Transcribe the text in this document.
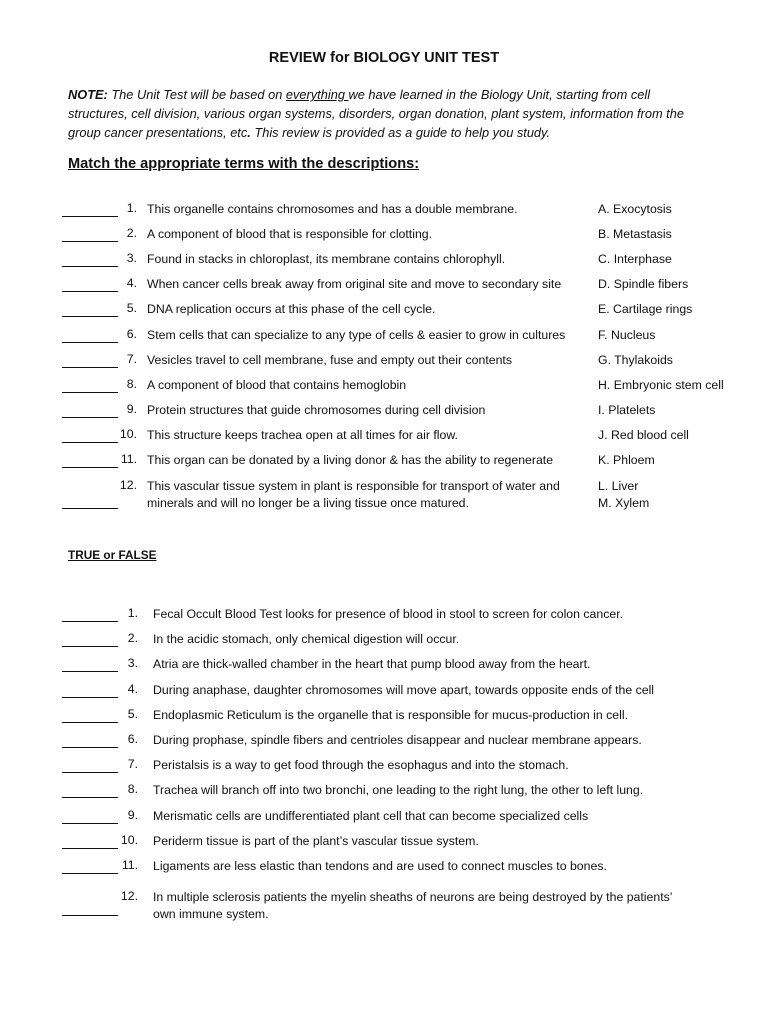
REVIEW for BIOLOGY UNIT TEST
NOTE: The Unit Test will be based on everything we have learned in the Biology Unit, starting from cell structures, cell division, various organ systems, disorders, organ donation, plant system, information from the group cancer presentations, etc. This review is provided as a guide to help you study.
Match the appropriate terms with the descriptions:
1. This organelle contains chromosomes and has a double membrane.
2. A component of blood that is responsible for clotting.
3. Found in stacks in chloroplast, its membrane contains chlorophyll.
4. When cancer cells break away from original site and move to secondary site
5. DNA replication occurs at this phase of the cell cycle.
6. Stem cells that can specialize to any type of cells & easier to grow in cultures
7. Vesicles travel to cell membrane, fuse and empty out their contents
8. A component of blood that contains hemoglobin
9. Protein structures that guide chromosomes during cell division
10. This structure keeps trachea open at all times for air flow.
11. This organ can be donated by a living donor & has the ability to regenerate
12. This vascular tissue system in plant is responsible for transport of water and
minerals and will no longer be a living tissue once matured.
A. Exocytosis
B. Metastasis
C. Interphase
D. Spindle fibers
E. Cartilage rings
F. Nucleus
G. Thylakoids
H. Embryonic stem cell
I. Platelets
J. Red blood cell
K. Phloem
L. Liver
M. Xylem
TRUE or FALSE
1. Fecal Occult Blood Test looks for presence of blood in stool to screen for colon cancer.
2. In the acidic stomach, only chemical digestion will occur.
3. Atria are thick-walled chamber in the heart that pump blood away from the heart.
4. During anaphase, daughter chromosomes will move apart, towards opposite ends of the cell
5. Endoplasmic Reticulum is the organelle that is responsible for mucus-production in cell.
6. During prophase, spindle fibers and centrioles disappear and nuclear membrane appears.
7. Peristalsis is a way to get food through the esophagus and into the stomach.
8. Trachea will branch off into two bronchi, one leading to the right lung, the other to left lung.
9. Merismatic cells are undifferentiated plant cell that can become specialized cells
10. Periderm tissue is part of the plant’s vascular tissue system.
11. Ligaments are less elastic than tendons and are used to connect muscles to bones.
12. In multiple sclerosis patients the myelin sheaths of neurons are being destroyed by the patients’
own immune system.
